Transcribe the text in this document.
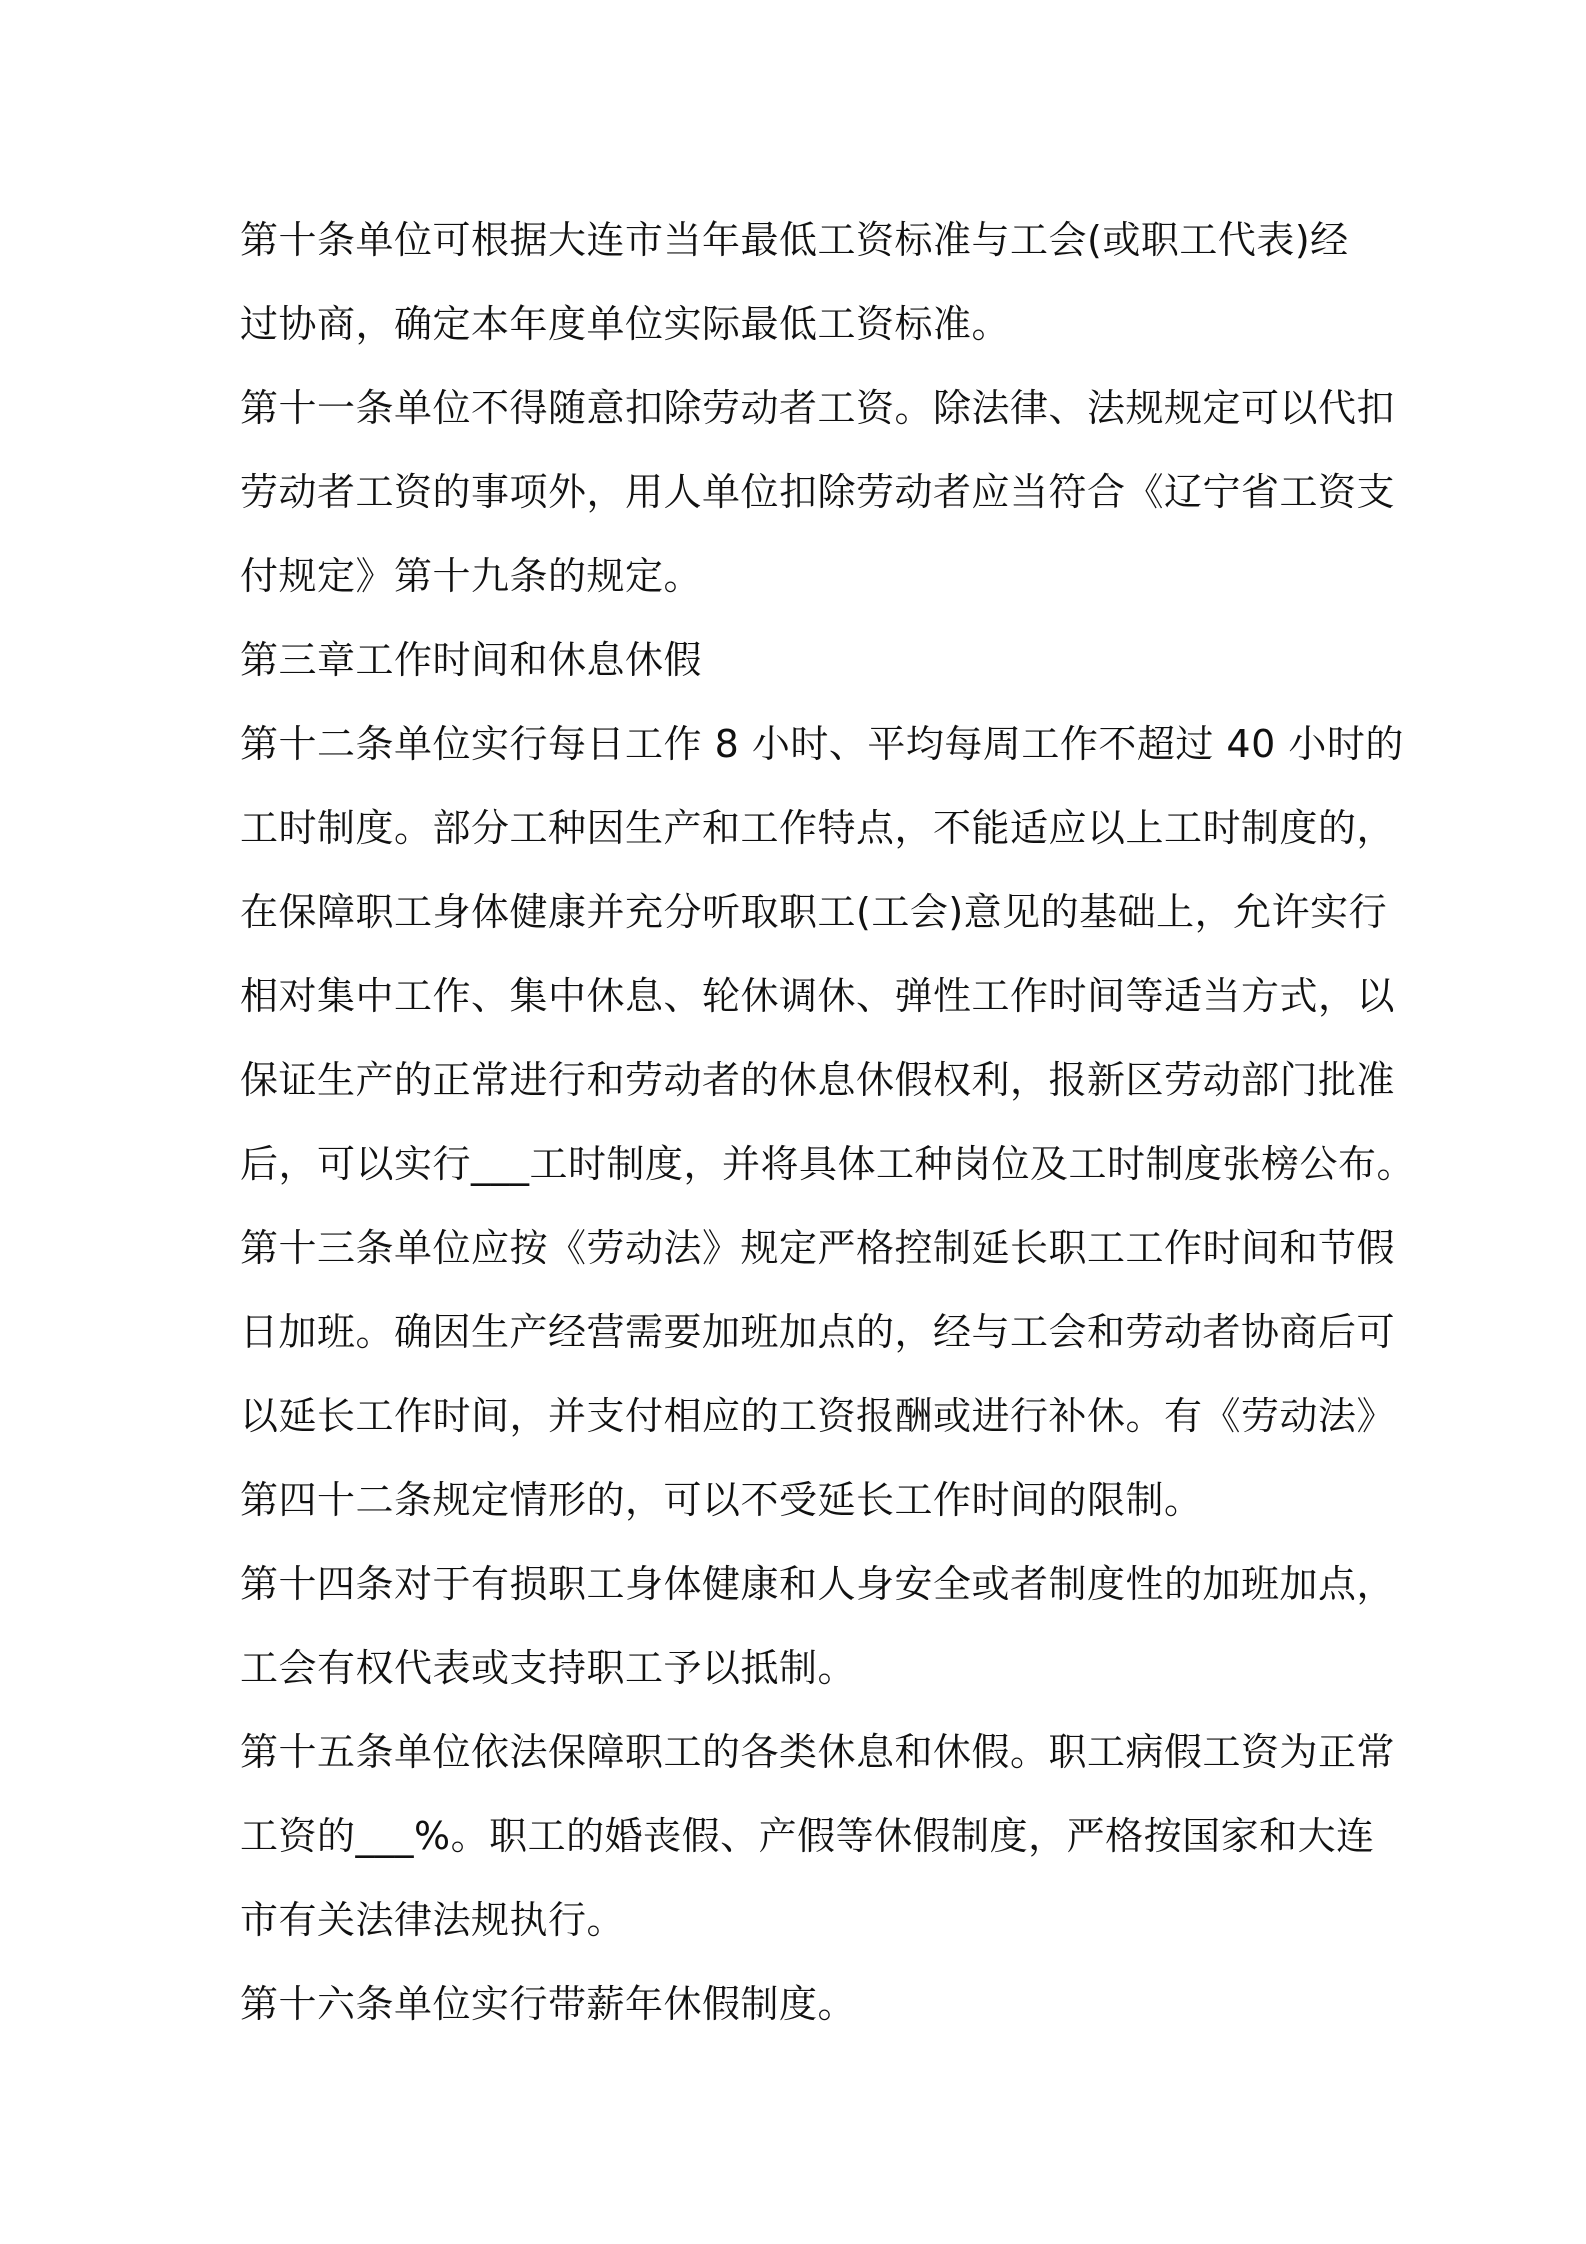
第十条单位可根据大连市当年最低工资标准与工会(或职工代表)经
过协商，确定本年度单位实际最低工资标准。
第十一条单位不得随意扣除劳动者工资。除法律、法规规定可以代扣
劳动者工资的事项外，用人单位扣除劳动者应当符合《辽宁省工资支
付规定》第十九条的规定。
第三章工作时间和休息休假
第十二条单位实行每日工作 8 小时、平均每周工作不超过 40 小时的
工时制度。部分工种因生产和工作特点，不能适应以上工时制度的，
在保障职工身体健康并充分听取职工(工会)意见的基础上，允许实行
相对集中工作、集中休息、轮休调休、弹性工作时间等适当方式，以
保证生产的正常进行和劳动者的休息休假权利，报新区劳动部门批准
后，可以实行___工时制度，并将具体工种岗位及工时制度张榜公布。
第十三条单位应按《劳动法》规定严格控制延长职工工作时间和节假
日加班。确因生产经营需要加班加点的，经与工会和劳动者协商后可
以延长工作时间，并支付相应的工资报酬或进行补休。有《劳动法》
第四十二条规定情形的，可以不受延长工作时间的限制。
第十四条对于有损职工身体健康和人身安全或者制度性的加班加点，
工会有权代表或支持职工予以抵制。
第十五条单位依法保障职工的各类休息和休假。职工病假工资为正常
工资的___%。职工的婚丧假、产假等休假制度，严格按国家和大连
市有关法律法规执行。
第十六条单位实行带薪年休假制度。
